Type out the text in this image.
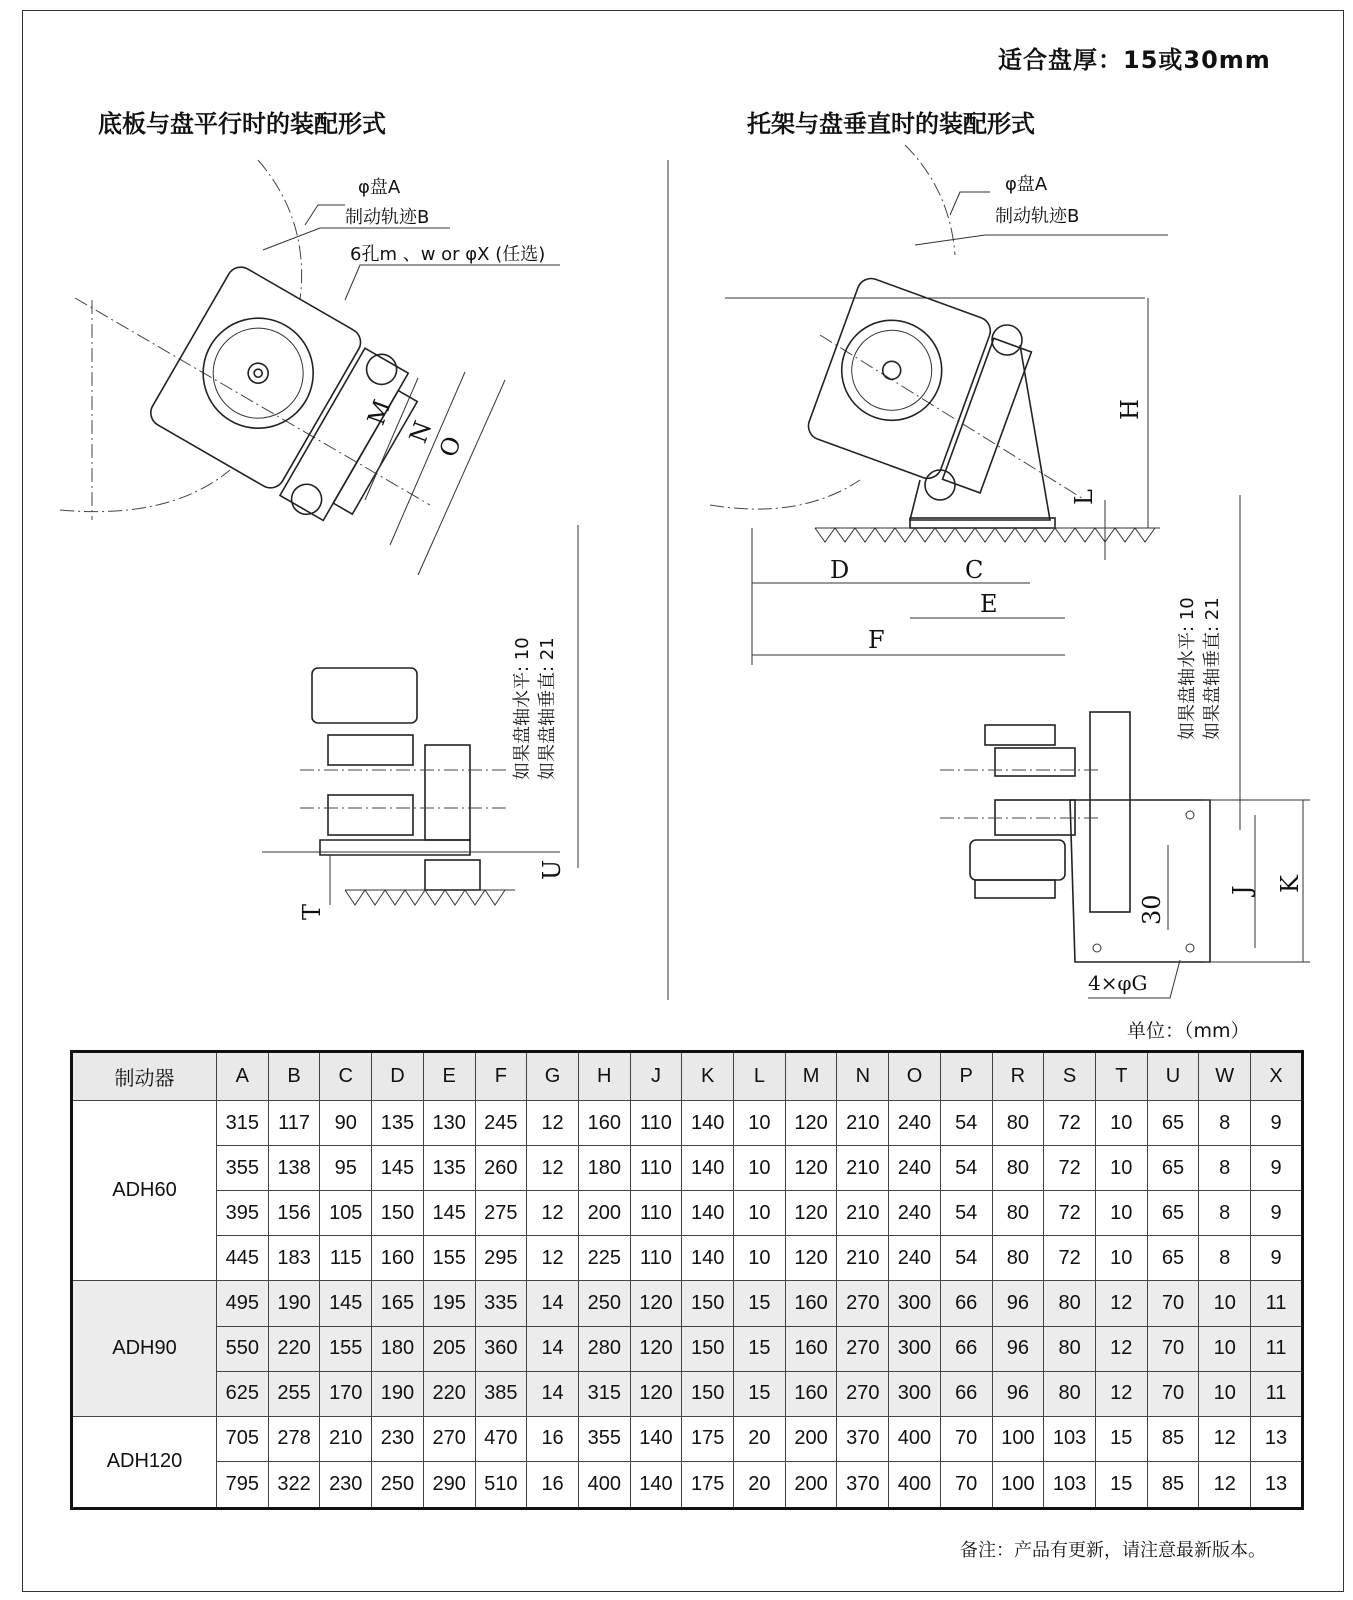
适合盘厚：15或30mm
底板与盘平行时的装配形式	托架与盘垂直时的装配形式
φ盘A
制动轨迹B
6孔m 、w or φX (任选)
M
N
O
如果盘轴水平: 10 如果盘轴垂直: 21
U
T
φ盘A
制动轨迹B
H
L
D	C
E
F	如果盘轴水平: 10 如果盘轴垂直: 21
J K
30
4×φG
单位：（mm）
制动器	A	B	C	D	E	F	G	H	J	K	L	M	N	O	P	R	S	T	U	W	X
ADH60	315	117	90	135	130	245	12	160	110	140	10	120	210	240	54	80	72	10	65	8	9
	355	138	95	145	135	260	12	180	110	140	10	120	210	240	54	80	72	10	65	8	9
	395	156	105	150	145	275	12	200	110	140	10	120	210	240	54	80	72	10	65	8	9
	445	183	115	160	155	295	12	225	110	140	10	120	210	240	54	80	72	10	65	8	9
ADH90	495	190	145	165	195	335	14	250	120	150	15	160	270	300	66	96	80	12	70	10	11
	550	220	155	180	205	360	14	280	120	150	15	160	270	300	66	96	80	12	70	10	11
	625	255	170	190	220	385	14	315	120	150	15	160	270	300	66	96	80	12	70	10	11
ADH120	705	278	210	230	270	470	16	355	140	175	20	200	370	400	70	100	103	15	85	12	13
	795	322	230	250	290	510	16	400	140	175	20	200	370	400	70	100	103	15	85	12	13
备注：产品有更新，请注意最新版本。
